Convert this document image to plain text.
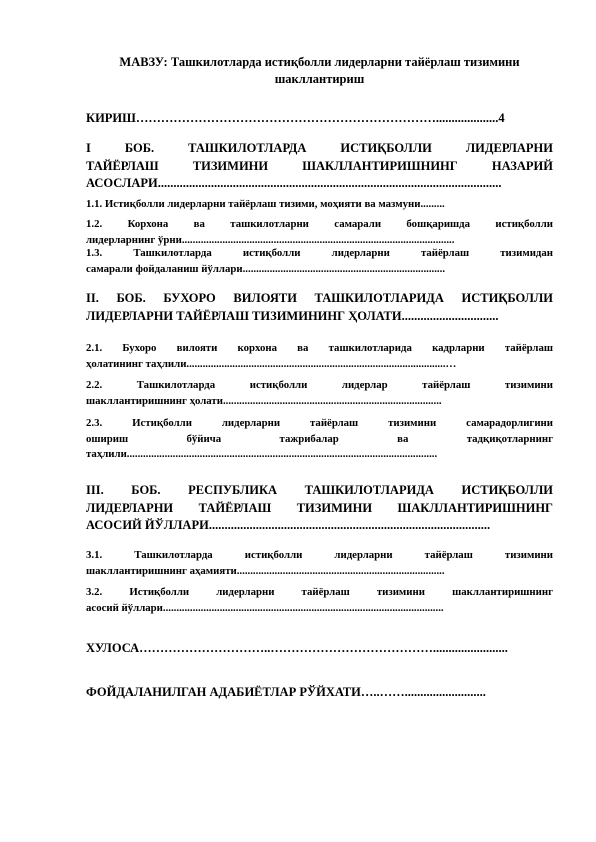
МАВЗУ: Ташкилотларда истиқболли лидерларни тайёрлаш тизимини шакллантириш
КИРИШ………………………………………………………………....................4
I БОБ. ТАШКИЛОТЛАРДА ИСТИҚБОЛЛИ ЛИДЕРЛАРНИ
ТАЙЁРЛАШ ТИЗИМИНИ ШАКЛЛАНТИРИШНИНГ НАЗАРИЙ
АСОСЛАРИ..............................................................................................................
1.1. Истиқболли лидерларни тайёрлаш тизими, моҳияти ва мазмуни.........
1.2. Корхона ва ташкилотларни самарали бошқаришда истиқболли
лидерларнинг ўрни.....................................................................................................
1.3. Ташкилотларда истиқболли лидерларни тайёрлаш тизимидан
самарали фойдаланиш йўллари...........................................................................
II. БОБ. БУХОРО ВИЛОЯТИ ТАШКИЛОТЛАРИДА ИСТИҚБОЛЛИ
ЛИДЕРЛАРНИ ТАЙЁРЛАШ ТИЗИМИНИНГ ҲОЛАТИ...............................
2.1. Бухоро вилояти корхона ва ташкилотларида кадрларни тайёрлаш
ҳолатининг таҳлили................................................................................................…
2.2. Ташкилотларда истиқболли лидерлар тайёрлаш тизимини
шакллантиришнинг ҳолати.................................................................................
2.3. Истиқболли лидерларни тайёрлаш тизимини самарадорлигини
ошириш бўйича тажрибалар ва тадқиқотларнинг
таҳлили...................................................................................................................
III. БОБ. РЕСПУБЛИКА ТАШКИЛОТЛАРИДА ИСТИҚБОЛЛИ
ЛИДЕРЛАРНИ ТАЙЁРЛАШ ТИЗИМИНИ ШАКЛЛАНТИРИШНИНГ
АСОСИЙ ЙЎЛЛАРИ..........................................................................................
3.1. Ташкилотларда истиқболли лидерларни тайёрлаш тизимини
шакллантиришнинг аҳамияти.............................................................................
3.2. Истиқболли лидерларни тайёрлаш тизимини шакллантиришнинг
асосий йўллари........................................................................................................
ХУЛОСА…………………………..…………………………………........................
ФОЙДАЛАНИЛГАН АДАБИЁТЛАР РЎЙХАТИ…..……..........................
